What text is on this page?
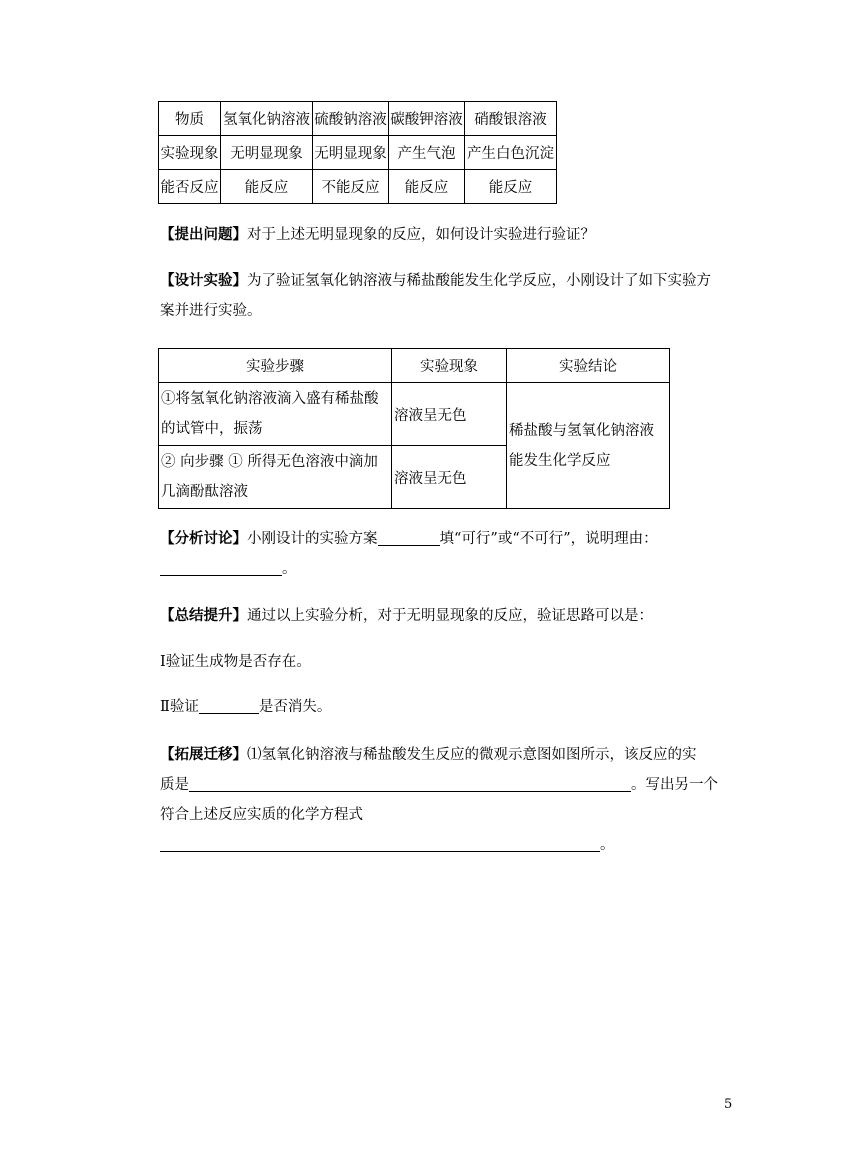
物质	氢氧化钠溶液	硫酸钠溶液	碳酸钾溶液	硝酸银溶液
实验现象	无明显现象	无明显现象	产生气泡	产生白色沉淀
能否反应	能反应	不能反应	能反应	能反应
【提出问题】对于上述无明显现象的反应，如何设计实验进行验证？
【设计实验】为了验证氢氧化钠溶液与稀盐酸能发生化学反应，小刚设计了如下实验方
案并进行实验。
实验步骤	实验现象	实验结论
①将氢氧化钠溶液滴入盛有稀盐酸
的试管中，振荡	溶液呈无色	稀盐酸与氢氧化钠溶液
能发生化学反应
② 向步骤 ① 所得无色溶液中滴加
几滴酚酞溶液	溶液呈无色	
【分析讨论】小刚设计的实验方案	填“可行”或“不可行”，说明理由：
。
【总结提升】通过以上实验分析，对于无明显现象的反应，验证思路可以是：
Ⅰ验证生成物是否存在。
Ⅱ验证	是否消失。
【拓展迁移】⑴氢氧化钠溶液与稀盐酸发生反应的微观示意图如图所示，该反应的实
质是	。写出另一个
符合上述反应实质的化学方程式
。
5
